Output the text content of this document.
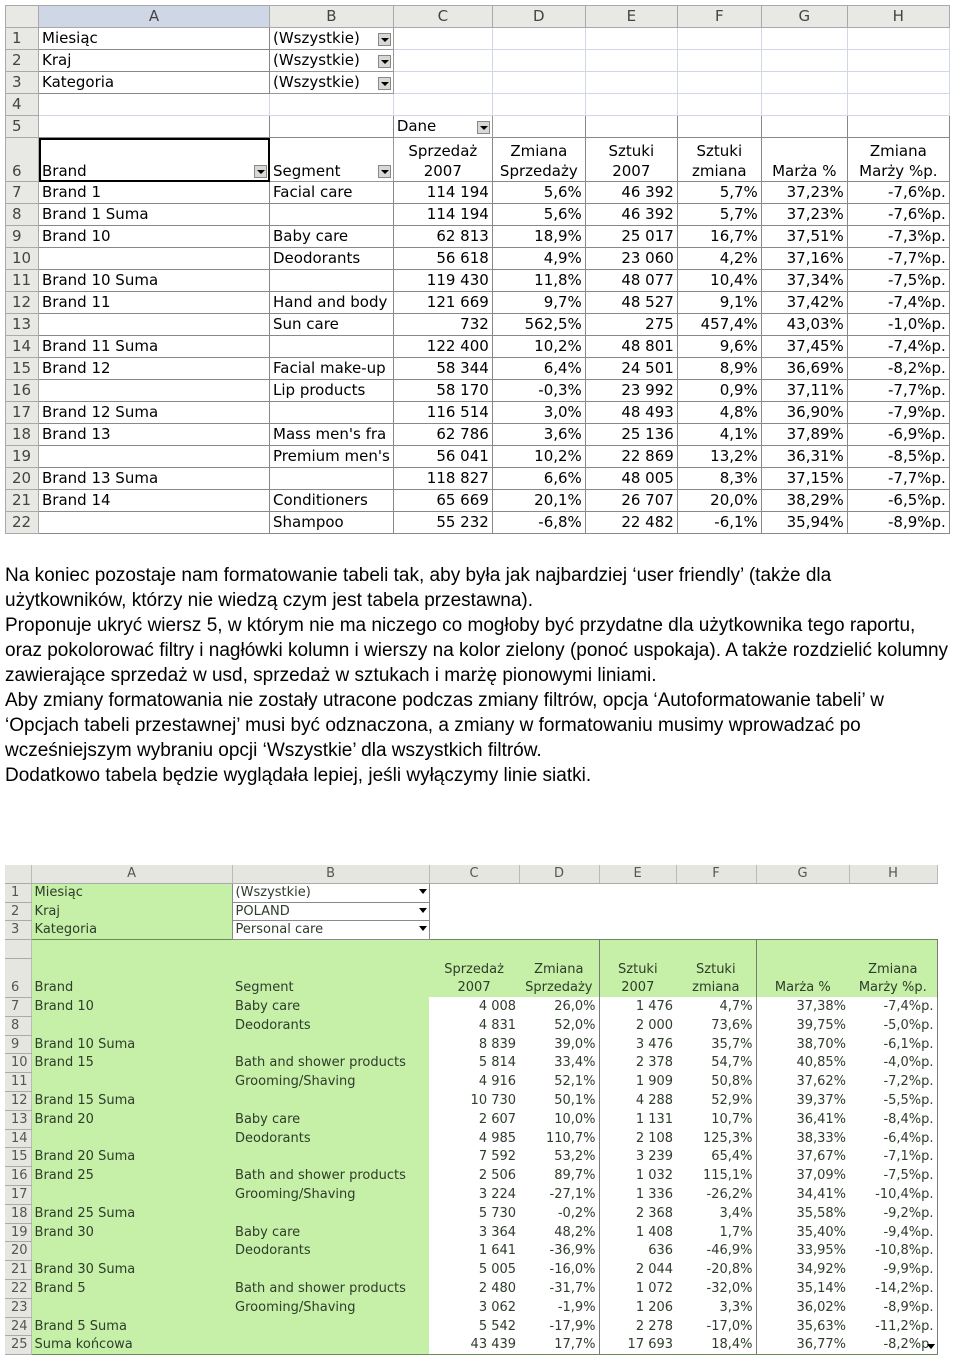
	A	B	C	D	E	F	G	H
1	Miesiąc	(Wszystkie)

2	Kraj	(Wszystkie)

3	Kategoria	(Wszystkie)

4								
5			Dane

6	Brand	Segment	Sprzedaż 2007	Zmiana Sprzedaży	Sztuki 2007	Sztuki zmiana	Marża %	Zmiana Marży %p.
7	Brand 1	Facial care	114 194	5,6%	46 392	5,7%	37,23%	-7,6%p.
8	Brand 1 Suma		114 194	5,6%	46 392	5,7%	37,23%	-7,6%p.
9	Brand 10	Baby care	62 813	18,9%	25 017	16,7%	37,51%	-7,3%p.
10		Deodorants	56 618	4,9%	23 060	4,2%	37,16%	-7,7%p.
11	Brand 10 Suma		119 430	11,8%	48 077	10,4%	37,34%	-7,5%p.
12	Brand 11	Hand and body	121 669	9,7%	48 527	9,1%	37,42%	-7,4%p.
13		Sun care	732	562,5%	275	457,4%	43,03%	-1,0%p.
14	Brand 11 Suma		122 400	10,2%	48 801	9,6%	37,45%	-7,4%p.
15	Brand 12	Facial make-up	58 344	6,4%	24 501	8,9%	36,69%	-8,2%p.
16		Lip products	58 170	-0,3%	23 992	0,9%	37,11%	-7,7%p.
17	Brand 12 Suma		116 514	3,0%	48 493	4,8%	36,90%	-7,9%p.
18	Brand 13	Mass men's fra	62 786	3,6%	25 136	4,1%	37,89%	-6,9%p.
19		Premium men's	56 041	10,2%	22 869	13,2%	36,31%	-8,5%p.
20	Brand 13 Suma		118 827	6,6%	48 005	8,3%	37,15%	-7,7%p.
21	Brand 14	Conditioners	65 669	20,1%	26 707	20,0%	38,29%	-6,5%p.
22		Shampoo	55 232	-6,8%	22 482	-6,1%	35,94%	-8,9%p.

Na koniec pozostaje nam formatowanie tabeli tak, aby była jak najbardziej ‘user friendly’ (także dla użytkowników, którzy nie wiedzą czym jest tabela przestawna).

Proponuje ukryć wiersz 5, w którym nie ma niczego co mogłoby być przydatne dla użytkownika tego raportu, oraz pokolorować filtry i nagłówki kolumn i wierszy na kolor zielony (ponoć uspokaja). A także rozdzielić kolumny zawierające sprzedaż w usd, sprzedaż w sztukach i marżę pionowymi liniami.

Aby zmiany formatowania nie zostały utracone podczas zmiany filtrów, opcja ‘Autoformatowanie tabeli’ w ‘Opcjach tabeli przestawnej’ musi być odznaczona, a zmiany w formatowaniu musimy wprowadzać po wcześniejszym wybraniu opcji ‘Wszystkie’ dla wszystkich filtrów.

Dodatkowo tabela będzie wyglądała lepiej, jeśli wyłączymy linie siatki.

	A	B	C	D	E	F	G	H
1	Miesiąc	(Wszystkie)

2	Kraj	POLAND

3	Kategoria	Personal care

6	Brand	Segment	Sprzedaż 2007	Zmiana Sprzedaży	Sztuki 2007	Sztuki zmiana	Marża %	Zmiana Marży %p.
7	Brand 10	Baby care	4 008	26,0%	1 476	4,7%	37,38%	-7,4%p.
8		Deodorants	4 831	52,0%	2 000	73,6%	39,75%	-5,0%p.
9	Brand 10 Suma		8 839	39,0%	3 476	35,7%	38,70%	-6,1%p.
10	Brand 15	Bath and shower products	5 814	33,4%	2 378	54,7%	40,85%	-4,0%p.
11		Grooming/Shaving	4 916	52,1%	1 909	50,8%	37,62%	-7,2%p.
12	Brand 15 Suma		10 730	50,1%	4 288	52,9%	39,37%	-5,5%p.
13	Brand 20	Baby care	2 607	10,0%	1 131	10,7%	36,41%	-8,4%p.
14		Deodorants	4 985	110,7%	2 108	125,3%	38,33%	-6,4%p.
15	Brand 20 Suma		7 592	53,2%	3 239	65,4%	37,67%	-7,1%p.
16	Brand 25	Bath and shower products	2 506	89,7%	1 032	115,1%	37,09%	-7,5%p.
17		Grooming/Shaving	3 224	-27,1%	1 336	-26,2%	34,41%	-10,4%p.
18	Brand 25 Suma		5 730	-0,2%	2 368	3,4%	35,58%	-9,2%p.
19	Brand 30	Baby care	3 364	48,2%	1 408	1,7%	35,40%	-9,4%p.
20		Deodorants	1 641	-36,9%	636	-46,9%	33,95%	-10,8%p.
21	Brand 30 Suma		5 005	-16,0%	2 044	-20,8%	34,92%	-9,9%p.
22	Brand 5	Bath and shower products	2 480	-31,7%	1 072	-32,0%	35,14%	-14,2%p.
23		Grooming/Shaving	3 062	-1,9%	1 206	3,3%	36,02%	-8,9%p.
24	Brand 5 Suma		5 542	-17,9%	2 278	-17,0%	35,63%	-11,2%p.
25	Suma końcowa		43 439	17,7%	17 693	18,4%	36,77%	-8,2%p.
